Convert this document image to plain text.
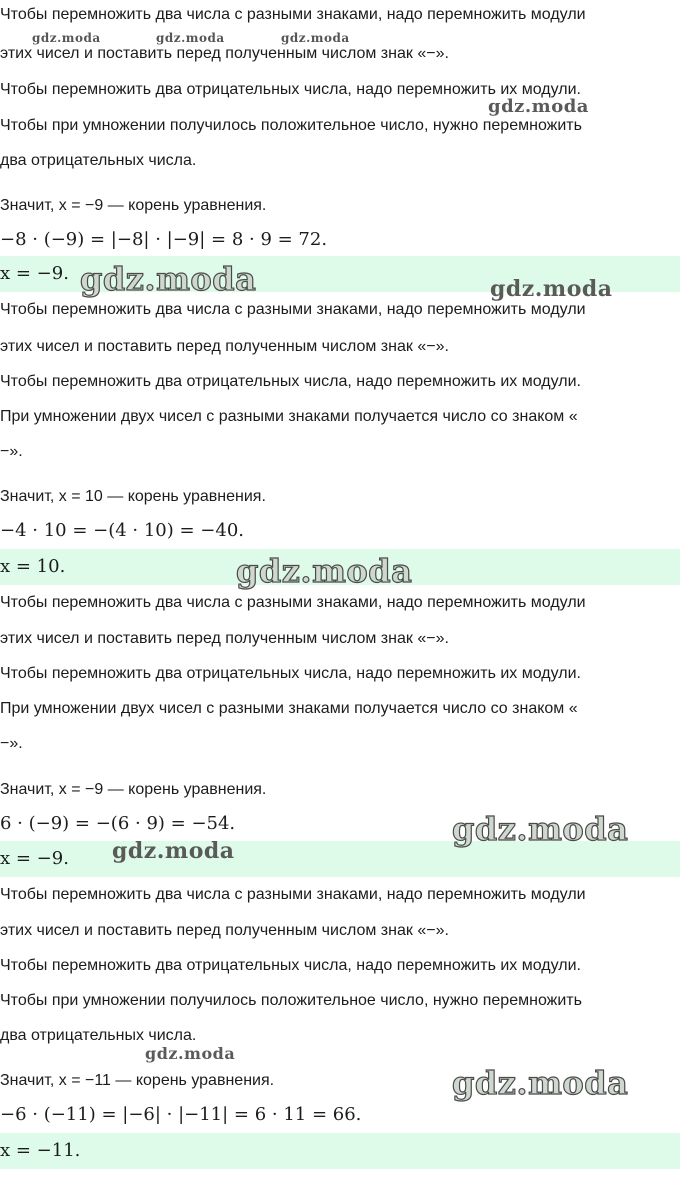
Чтобы перемножить два числа с разными знаками, надо перемножить модули
этих чисел и поставить перед полученным числом знак «−».
Чтобы перемножить два отрицательных числа, надо перемножить их модули.
Чтобы при умножении получилось положительное число, нужно перемножить
два отрицательных числа.
Значит, x = −9 — корень уравнения.
−8 · (−9) = |−8| · |−9| = 8 · 9 = 72.
x = −9.
Чтобы перемножить два числа с разными знаками, надо перемножить модули
этих чисел и поставить перед полученным числом знак «−».
Чтобы перемножить два отрицательных числа, надо перемножить их модули.
При умножении двух чисел с разными знаками получается число со знаком «
−».
Значит, x = 10 — корень уравнения.
−4 · 10 = −(4 · 10) = −40.
x = 10.
Чтобы перемножить два числа с разными знаками, надо перемножить модули
этих чисел и поставить перед полученным числом знак «−».
Чтобы перемножить два отрицательных числа, надо перемножить их модули.
При умножении двух чисел с разными знаками получается число со знаком «
−».
Значит, x = −9 — корень уравнения.
6 · (−9) = −(6 · 9) = −54.
x = −9.
Чтобы перемножить два числа с разными знаками, надо перемножить модули
этих чисел и поставить перед полученным числом знак «−».
Чтобы перемножить два отрицательных числа, надо перемножить их модули.
Чтобы при умножении получилось положительное число, нужно перемножить
два отрицательных числа.
Значит, x = −11 — корень уравнения.
−6 · (−11) = |−6| · |−11| = 6 · 11 = 66.
x = −11.
gdz.moda	gdz.moda	gdz.moda
gdz.moda
gdz.moda	gdz.moda
gdz.moda
gdz.moda
gdz.moda
gdz.moda
gdz.moda
